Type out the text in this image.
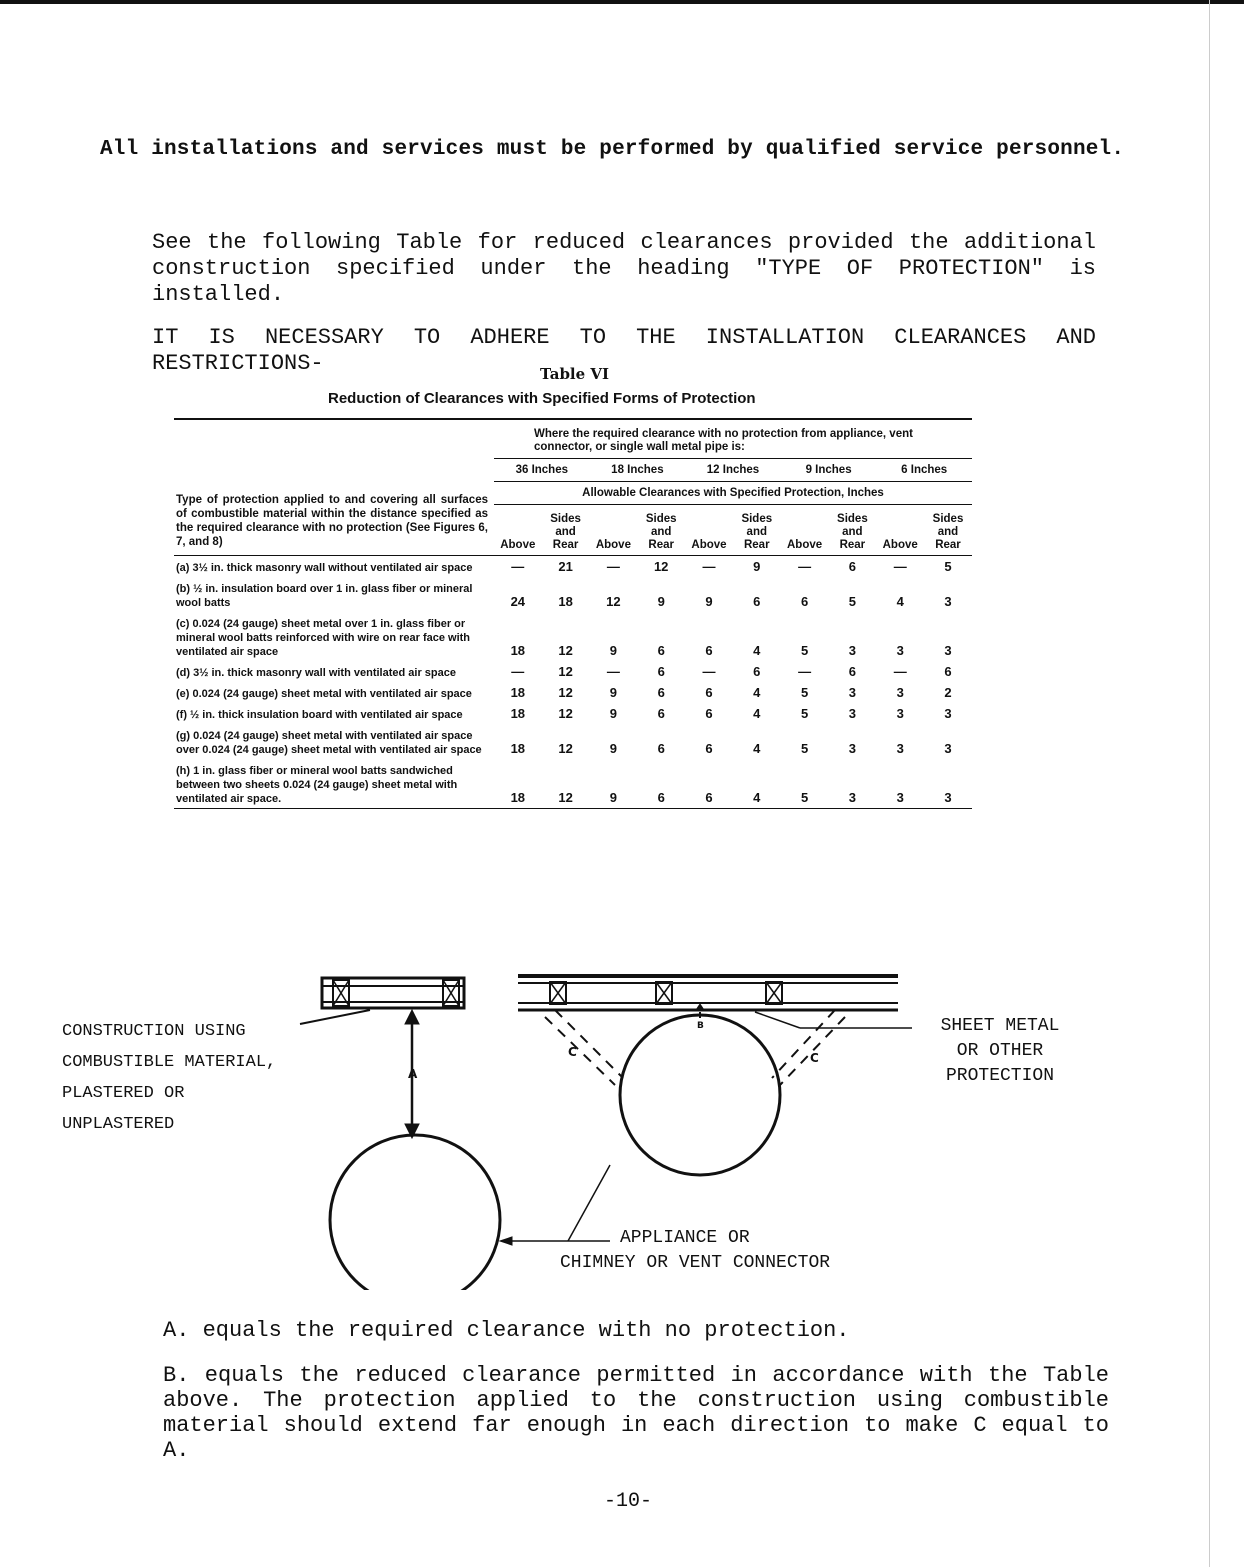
All installations and services must be performed by qualified service personnel.
See the following Table for reduced clearances provided the additional construction specified under the heading "TYPE OF PROTECTION" is installed.
IT IS NECESSARY TO ADHERE TO THE INSTALLATION CLEARANCES AND RESTRICTIONS-	Table VI
Reduction of Clearances with Specified Forms of Protection
Type of protection applied to and covering all surfaces of combustible material within the distance specified as the required clearance with no protection (See Figures 6, 7, and 8)	Where the required clearance with no protection from appliance, vent connector, or single wall metal pipe is:									
	36 Inches		18 Inches		12 Inches		9 Inches		6 Inches	
	Allowable Clearances with Specified Protection, Inches									
	Above	Sides and Rear	Above	Sides and Rear	Above	Sides and Rear	Above	Sides and Rear	Above	Sides and Rear
(a) 3½ in. thick masonry wall without ventilated air space	—	21	—	12	—	9	—	6	—	5
(b) ½ in. insulation board over 1 in. glass fiber or mineral wool batts	24	18	12	9	9	6	6	5	4	3
(c) 0.024 (24 gauge) sheet metal over 1 in. glass fiber or mineral wool batts reinforced with wire on rear face with ventilated air space	18	12	9	6	6	4	5	3	3	3
(d) 3½ in. thick masonry wall with ventilated air space	—	12	—	6	—	6	—	6	—	6
(e) 0.024 (24 gauge) sheet metal with ventilated air space	18	12	9	6	6	4	5	3	3	2
(f) ½ in. thick insulation board with ventilated air space	18	12	9	6	6	4	5	3	3	3
(g) 0.024 (24 gauge) sheet metal with ventilated air space over 0.024 (24 gauge) sheet metal with ventilated air space	18	12	9	6	6	4	5	3	3	3
(h) 1 in. glass fiber or mineral wool batts sandwiched between two sheets 0.024 (24 gauge) sheet metal with ventilated air space.	18	12	9	6	6	4	5	3	3	3
A
B
C	C
CONSTRUCTION USING
COMBUSTIBLE MATERIAL,
PLASTERED OR
UNPLASTERED
SHEET METAL
OR OTHER
PROTECTION
APPLIANCE OR
CHIMNEY OR VENT CONNECTOR
A. equals the required clearance with no protection.
B. equals the reduced clearance permitted in accordance with the Table above. The protection applied to the construction using combustible material should extend far enough in each direction to make C equal to A.
-10-
